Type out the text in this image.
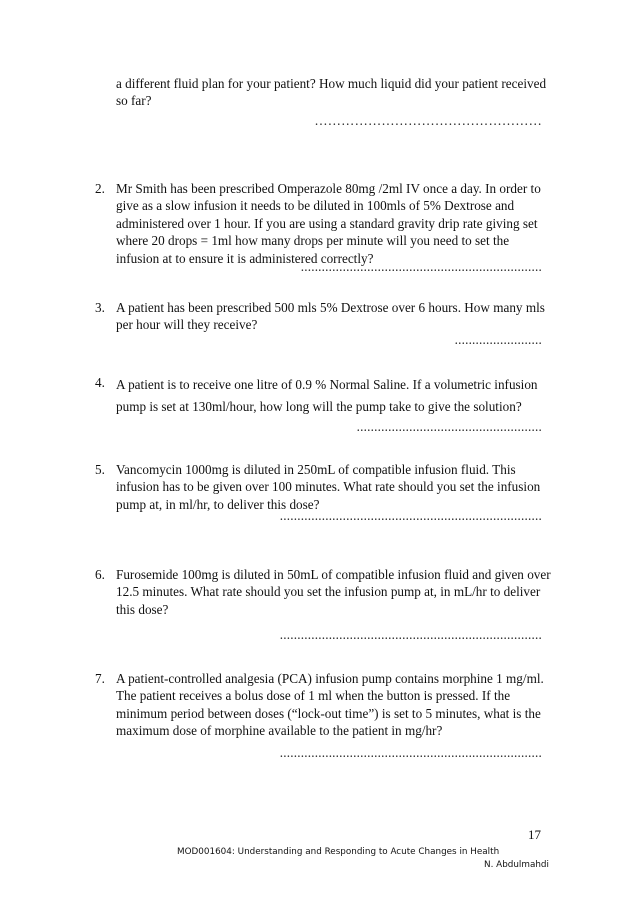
a different fluid plan for your patient? How much liquid did your patient received
so far?
……………………………………………
2. Mr Smith has been prescribed Omperazole 80mg /2ml IV once a day. In order to
give as a slow infusion it needs to be diluted in 100mls of 5% Dextrose and
administered over 1 hour. If you are using a standard gravity drip rate giving set
where 20 drops = 1ml how many drops per minute will you need to set the
infusion at to ensure it is administered correctly?
.....................................................................
3. A patient has been prescribed 500 mls 5% Dextrose over 6 hours. How many mls
per hour will they receive?
.........................
4. A patient is to receive one litre of 0.9 % Normal Saline. If a volumetric infusion
pump is set at 130ml/hour, how long will the pump take to give the solution?
.....................................................
5. Vancomycin 1000mg is diluted in 250mL of compatible infusion fluid. This
infusion has to be given over 100 minutes. What rate should you set the infusion
pump at, in ml/hr, to deliver this dose?
...........................................................................
6. Furosemide 100mg is diluted in 50mL of compatible infusion fluid and given over
12.5 minutes. What rate should you set the infusion pump at, in mL/hr to deliver
this dose?
...........................................................................
7. A patient-controlled analgesia (PCA) infusion pump contains morphine 1 mg/ml.
The patient receives a bolus dose of 1 ml when the button is pressed. If the
minimum period between doses (“lock-out time”) is set to 5 minutes, what is the
maximum dose of morphine available to the patient in mg/hr?
...........................................................................
17
MOD001604: Understanding and Responding to Acute Changes in Health
N. Abdulmahdi
